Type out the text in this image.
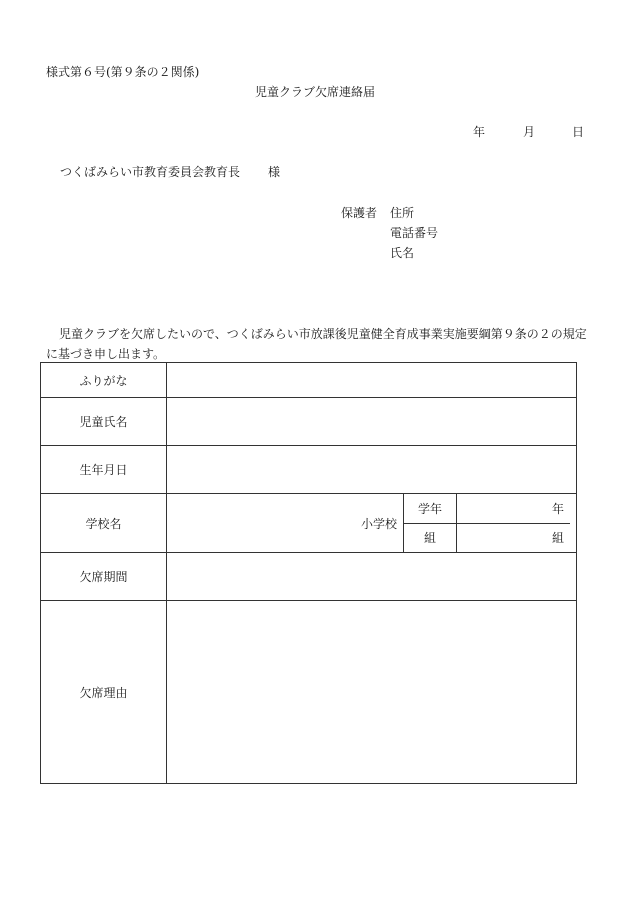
様式第６号(第９条の２関係)
児童クラブ欠席連絡届
年	月	日
つくばみらい市教育委員会教育長 様
保護者 住所
電話番号
氏名
児童クラブを欠席したいので、つくばみらい市放課後児童健全育成事業実施要綱第９条の２の規定に基づき申し出ます。
ふりがな	
児童氏名	
生年月日	
学校名		小学校	学年	年
組	組

欠席期間	
欠席理由	
